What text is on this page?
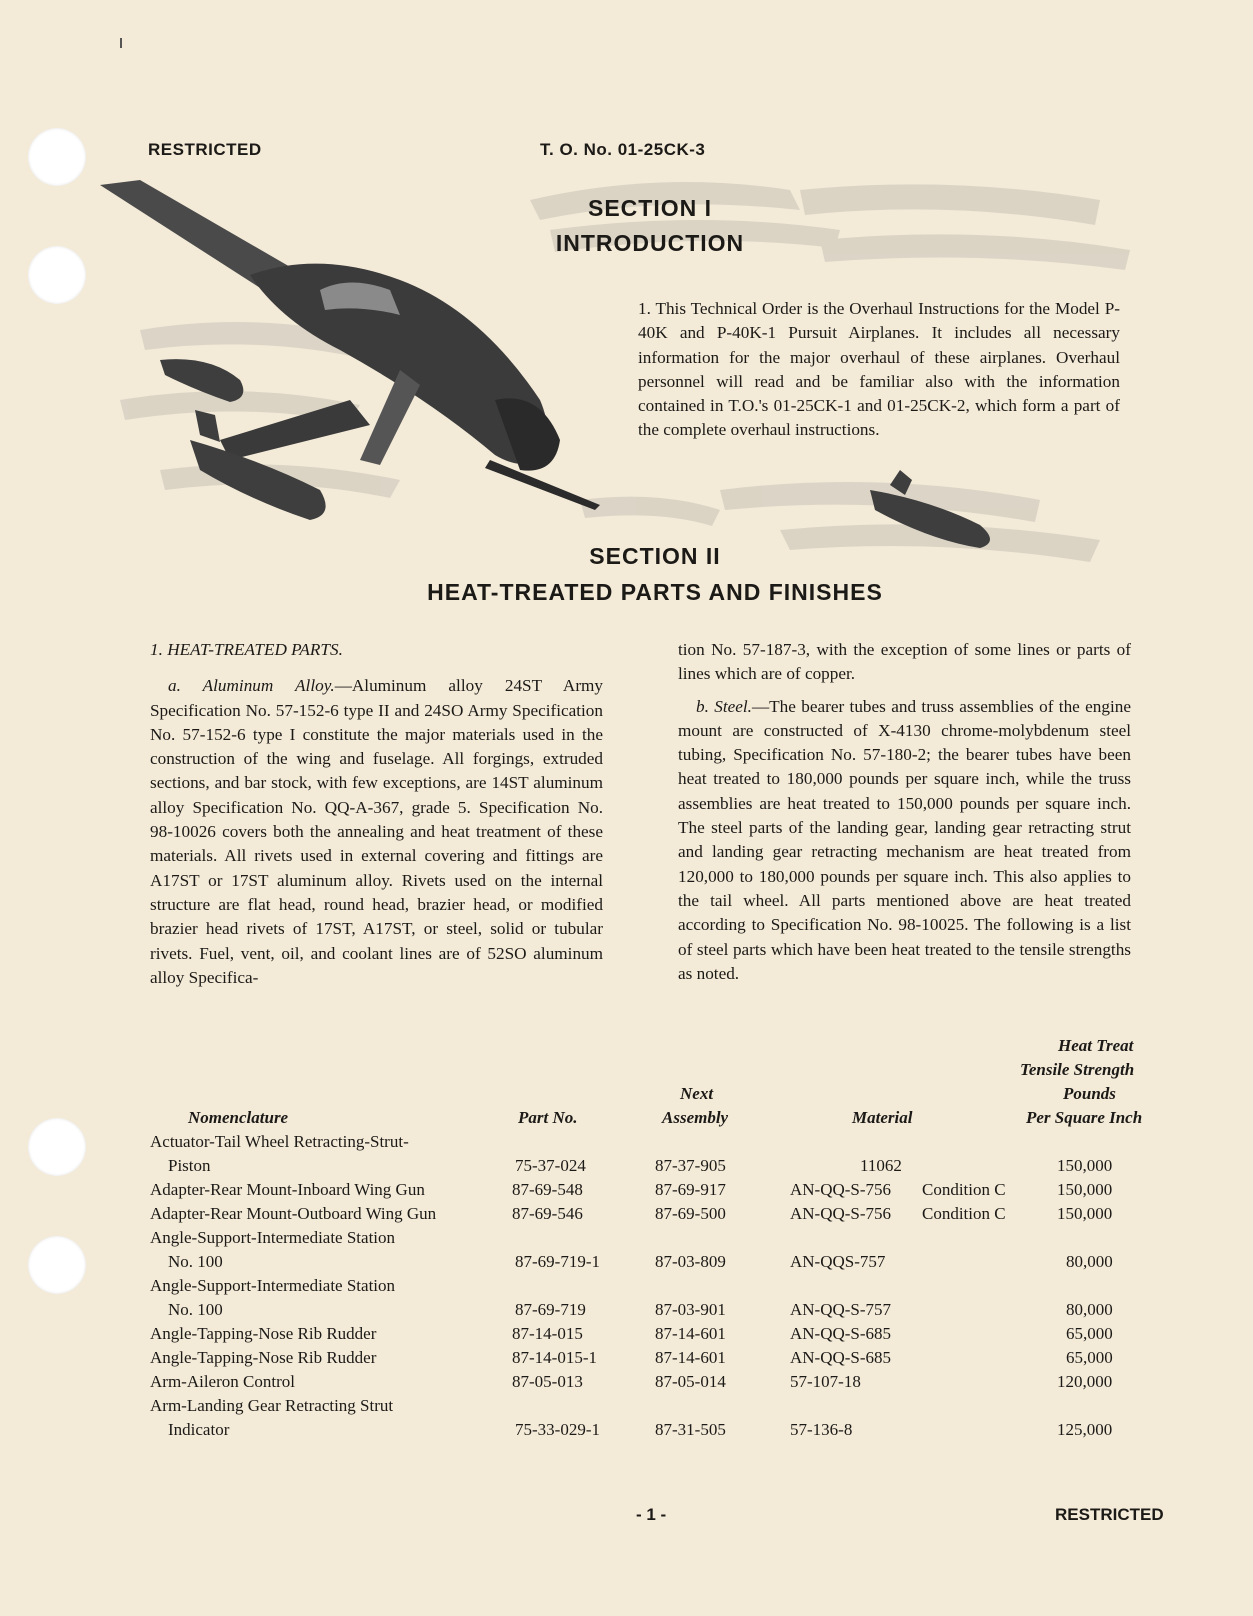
RESTRICTED	T. O. No. 01-25CK-3
SECTION I
INTRODUCTION
1. This Technical Order is the Overhaul Instructions for the Model P-40K and P-40K-1 Pursuit Airplanes. It includes all necessary information for the major overhaul of these airplanes. Overhaul personnel will read and be familiar also with the information contained in T.O.'s 01-25CK-1 and 01-25CK-2, which form a part of the complete overhaul instructions.
SECTION II
HEAT-TREATED PARTS AND FINISHES

1. HEAT-TREATED PARTS.

a. Aluminum Alloy.—Aluminum alloy 24ST Army Specification No. 57-152-6 type II and 24SO Army Specification No. 57-152-6 type I constitute the major materials used in the construction of the wing and fuselage. All forgings, extruded sections, and bar stock, with few exceptions, are 14ST aluminum alloy Specification No. QQ-A-367, grade 5. Specification No. 98-10026 covers both the annealing and heat treatment of these materials. All rivets used in external covering and fittings are A17ST or 17ST aluminum alloy. Rivets used on the internal structure are flat head, round head, brazier head, or modified brazier head rivets of 17ST, A17ST, or steel, solid or tubular rivets. Fuel, vent, oil, and coolant lines are of 52SO aluminum alloy Specifica-

tion No. 57-187-3, with the exception of some lines or parts of lines which are of copper.

b. Steel.—The bearer tubes and truss assemblies of the engine mount are constructed of X-4130 chrome-molybdenum steel tubing, Specification No. 57-180-2; the bearer tubes have been heat treated to 180,000 pounds per square inch, while the truss assemblies are heat treated to 150,000 pounds per square inch. The steel parts of the landing gear, landing gear retracting strut and landing gear retracting mechanism are heat treated from 120,000 to 180,000 pounds per square inch. This also applies to the tail wheel. All parts mentioned above are heat treated according to Specification No. 98-10025. The following is a list of steel parts which have been heat treated to the tensile strengths as noted.

Heat Treat
Tensile Strength
Pounds
Next
Nomenclature	Part No.	Assembly	Material	Per Square Inch
Actuator-Tail Wheel Retracting-Strut-
Piston	75-37-024	87-37-905	11062	150,000
Adapter-Rear Mount-Inboard Wing Gun	87-69-548	87-69-917	AN-QQ-S-756 Condition C	150,000
Adapter-Rear Mount-Outboard Wing Gun	87-69-546	87-69-500	AN-QQ-S-756 Condition C	150,000
Angle-Support-Intermediate Station
No. 100	87-69-719-1	87-03-809	AN-QQS-757	80,000
Angle-Support-Intermediate Station
No. 100	87-69-719	87-03-901	AN-QQ-S-757	80,000
Angle-Tapping-Nose Rib Rudder	87-14-015	87-14-601	AN-QQ-S-685	65,000
Angle-Tapping-Nose Rib Rudder	87-14-015-1	87-14-601	AN-QQ-S-685	65,000
Arm-Aileron Control	87-05-013	87-05-014	57-107-18	120,000
Arm-Landing Gear Retracting Strut
Indicator	75-33-029-1	87-31-505	57-136-8	125,000
- 1 -	RESTRICTED
